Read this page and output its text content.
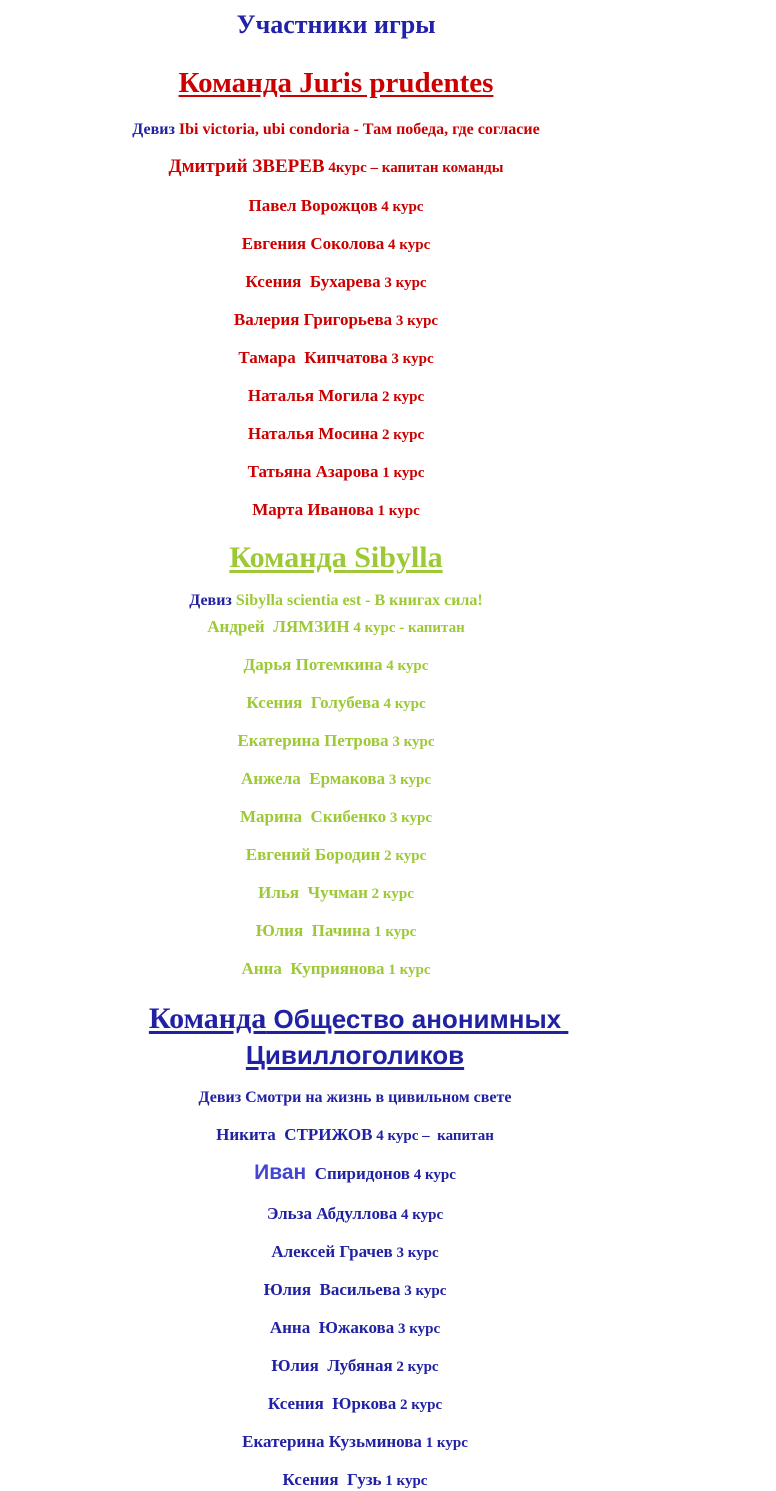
Участники игры
Команда Juris prudentes

Девиз Ibi victoria, ubi condoria - Там победа, где согласие

Дмитрий ЗВЕРЕВ 4курс – капитан команды

Павел Ворожцов 4 курс

Евгения Соколова 4 курс

Ксения  Бухарева 3 курс

Валерия Григорьева 3 курс

Тамара  Кипчатова 3 курс

Наталья Могила 2 курс

Наталья Мосина 2 курс

Татьяна Азарова 1 курс

Марта Иванова 1 курс

Команда Sibylla

Девиз Sibylla scientia est - В книгах сила!

Андрей  ЛЯМЗИН 4 курс - капитан

Дарья Потемкина 4 курс

Ксения  Голубева 4 курс

Екатерина Петрова 3 курс

Анжела  Ермакова 3 курс

Марина  Скибенко 3 курс

Евгений Бородин 2 курс

Илья  Чучман 2 курс

Юлия  Пачина 1 курс

Анна  Куприянова 1 курс

Команда Общество анонимных Цивиллоголиков

Девиз Смотри на жизнь в цивильном свете

Никита  СТРИЖОВ 4 курс –  капитан

Иван  Спиридонов 4 курс

Эльза Абдуллова 4 курс

Алексей Грачев 3 курс

Юлия  Васильева 3 курс

Анна  Южакова 3 курс

Юлия  Лубяная 2 курс

Ксения  Юркова 2 курс

Екатерина Кузьминова 1 курс

Ксения  Гузь 1 курс
